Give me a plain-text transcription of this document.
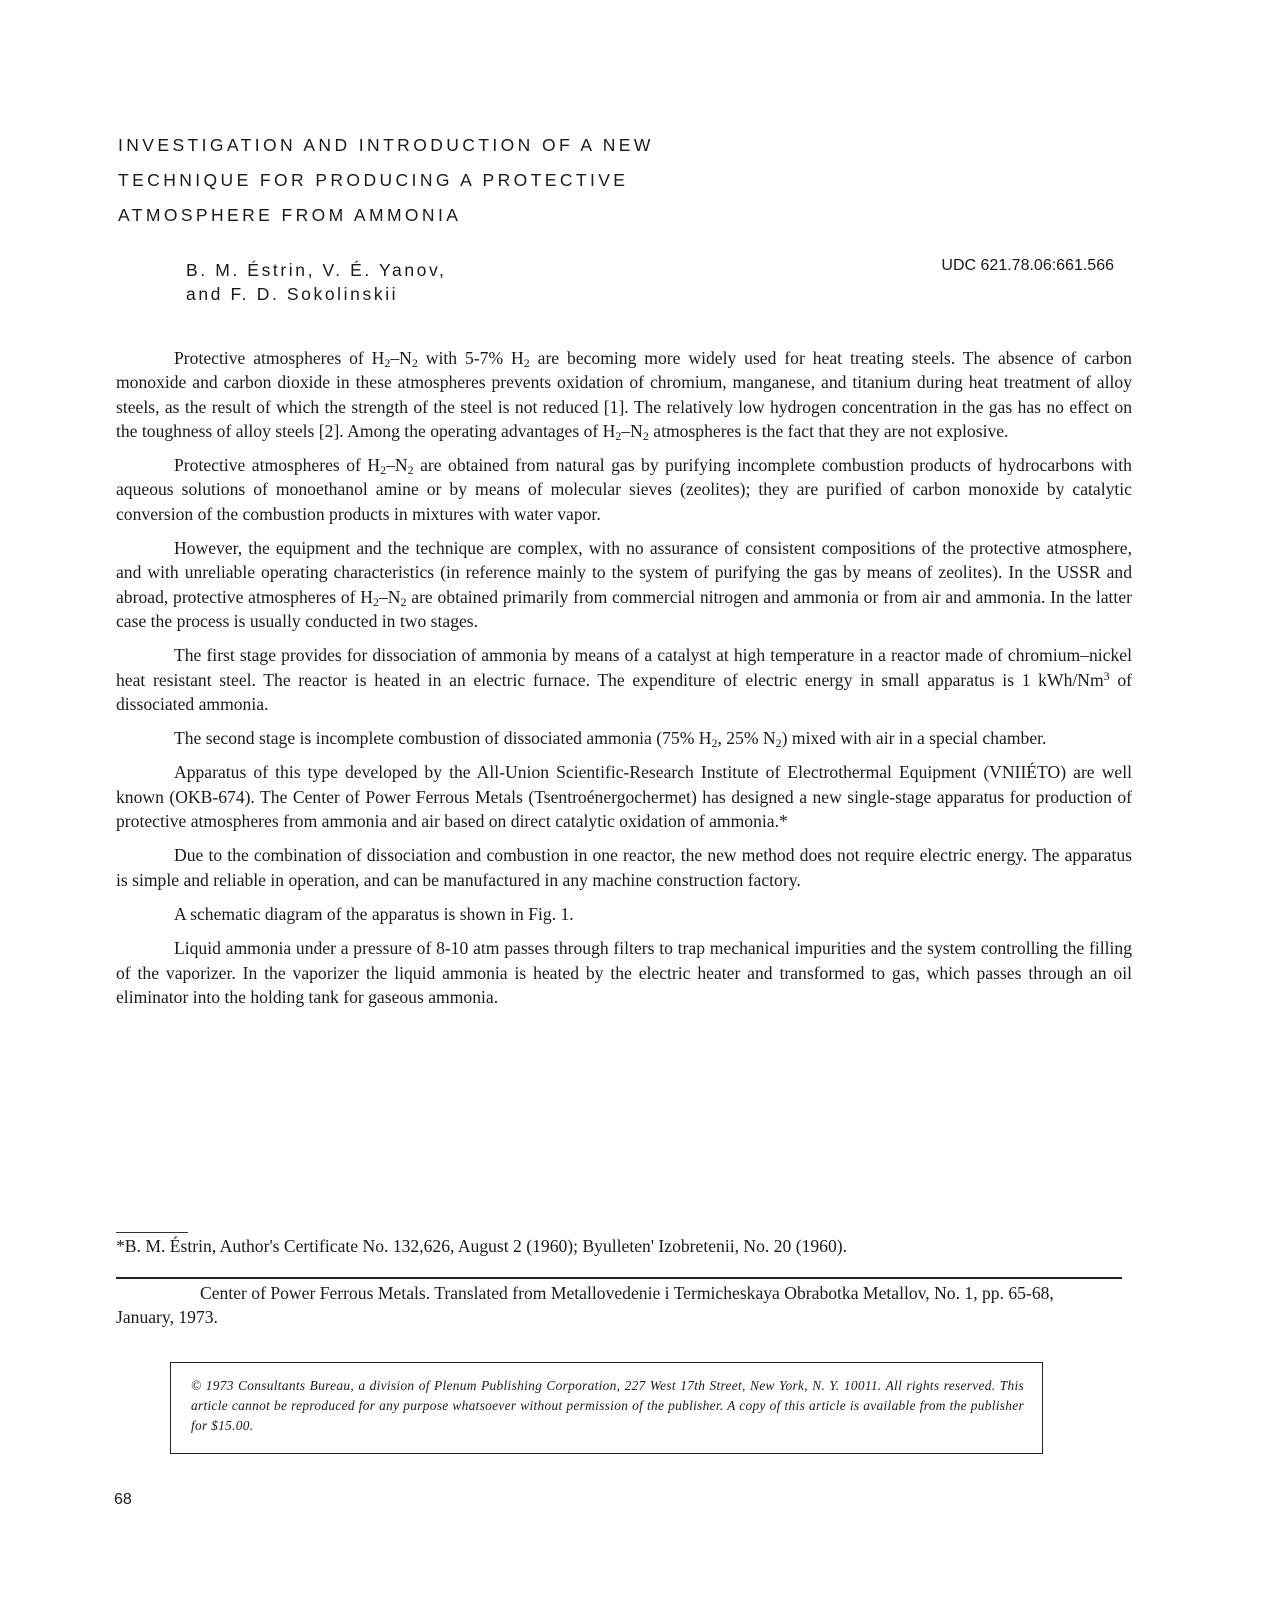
INVESTIGATION AND INTRODUCTION OF A NEW
TECHNIQUE FOR PRODUCING A PROTECTIVE
ATMOSPHERE FROM AMMONIA
B. M. Éstrin, V. É. Yanov,
and F. D. Sokolinskii
UDC 621.78.06:661.566

Protective atmospheres of $H_2-N_2$ with 5-7% $H_2$ are becoming more widely used for heat treating steels. The absence of carbon monoxide and carbon dioxide in these atmospheres prevents oxidation of chromium, manganese, and titanium during heat treatment of alloy steels, as the result of which the strength of the steel is not reduced [1]. The relatively low hydrogen concentration in the gas has no effect on the toughness of alloy steels [2]. Among the operating advantages of $H_2-N_2$ atmospheres is the fact that they are not explosive.

Protective atmospheres of $H_2-N_2$ are obtained from natural gas by purifying incomplete combustion products of hydrocarbons with aqueous solutions of monoethanol amine or by means of molecular sieves (zeolites); they are purified of carbon monoxide by catalytic conversion of the combustion products in mixtures with water vapor.

However, the equipment and the technique are complex, with no assurance of consistent compositions of the protective atmosphere, and with unreliable operating characteristics (in reference mainly to the system of purifying the gas by means of zeolites). In the USSR and abroad, protective atmospheres of $H_2-N_2$ are obtained primarily from commercial nitrogen and ammonia or from air and ammonia. In the latter case the process is usually conducted in two stages.

The first stage provides for dissociation of ammonia by means of a catalyst at high temperature in a reactor made of chromium–nickel heat resistant steel. The reactor is heated in an electric furnace. The expenditure of electric energy in small apparatus is 1 kWh/Nm$^3$ of dissociated ammonia.

The second stage is incomplete combustion of dissociated ammonia (75% $H_2$, 25% $N_2$) mixed with air in a special chamber.

Apparatus of this type developed by the All-Union Scientific-Research Institute of Electrothermal Equipment (VNIIÉTO) are well known (OKB-674). The Center of Power Ferrous Metals (Tsentroénergochermet) has designed a new single-stage apparatus for production of protective atmospheres from ammonia and air based on direct catalytic oxidation of ammonia.*

Due to the combination of dissociation and combustion in one reactor, the new method does not require electric energy. The apparatus is simple and reliable in operation, and can be manufactured in any machine construction factory.

A schematic diagram of the apparatus is shown in Fig. 1.

Liquid ammonia under a pressure of 8-10 atm passes through filters to trap mechanical impurities and the system controlling the filling of the vaporizer. In the vaporizer the liquid ammonia is heated by the electric heater and transformed to gas, which passes through an oil eliminator into the holding tank for gaseous ammonia.

*B. M. Éstrin, Author's Certificate No. 132,626, August 2 (1960); Byulleten' Izobretenii, No. 20 (1960).
Center of Power Ferrous Metals. Translated from Metallovedenie i Termicheskaya Obrabotka Metallov, No. 1, pp. 65-68, January, 1973.
© 1973 Consultants Bureau, a division of Plenum Publishing Corporation, 227 West 17th Street, New York, N. Y. 10011. All rights reserved. This article cannot be reproduced for any purpose whatsoever without permission of the publisher. A copy of this article is available from the publisher for $15.00.
68
